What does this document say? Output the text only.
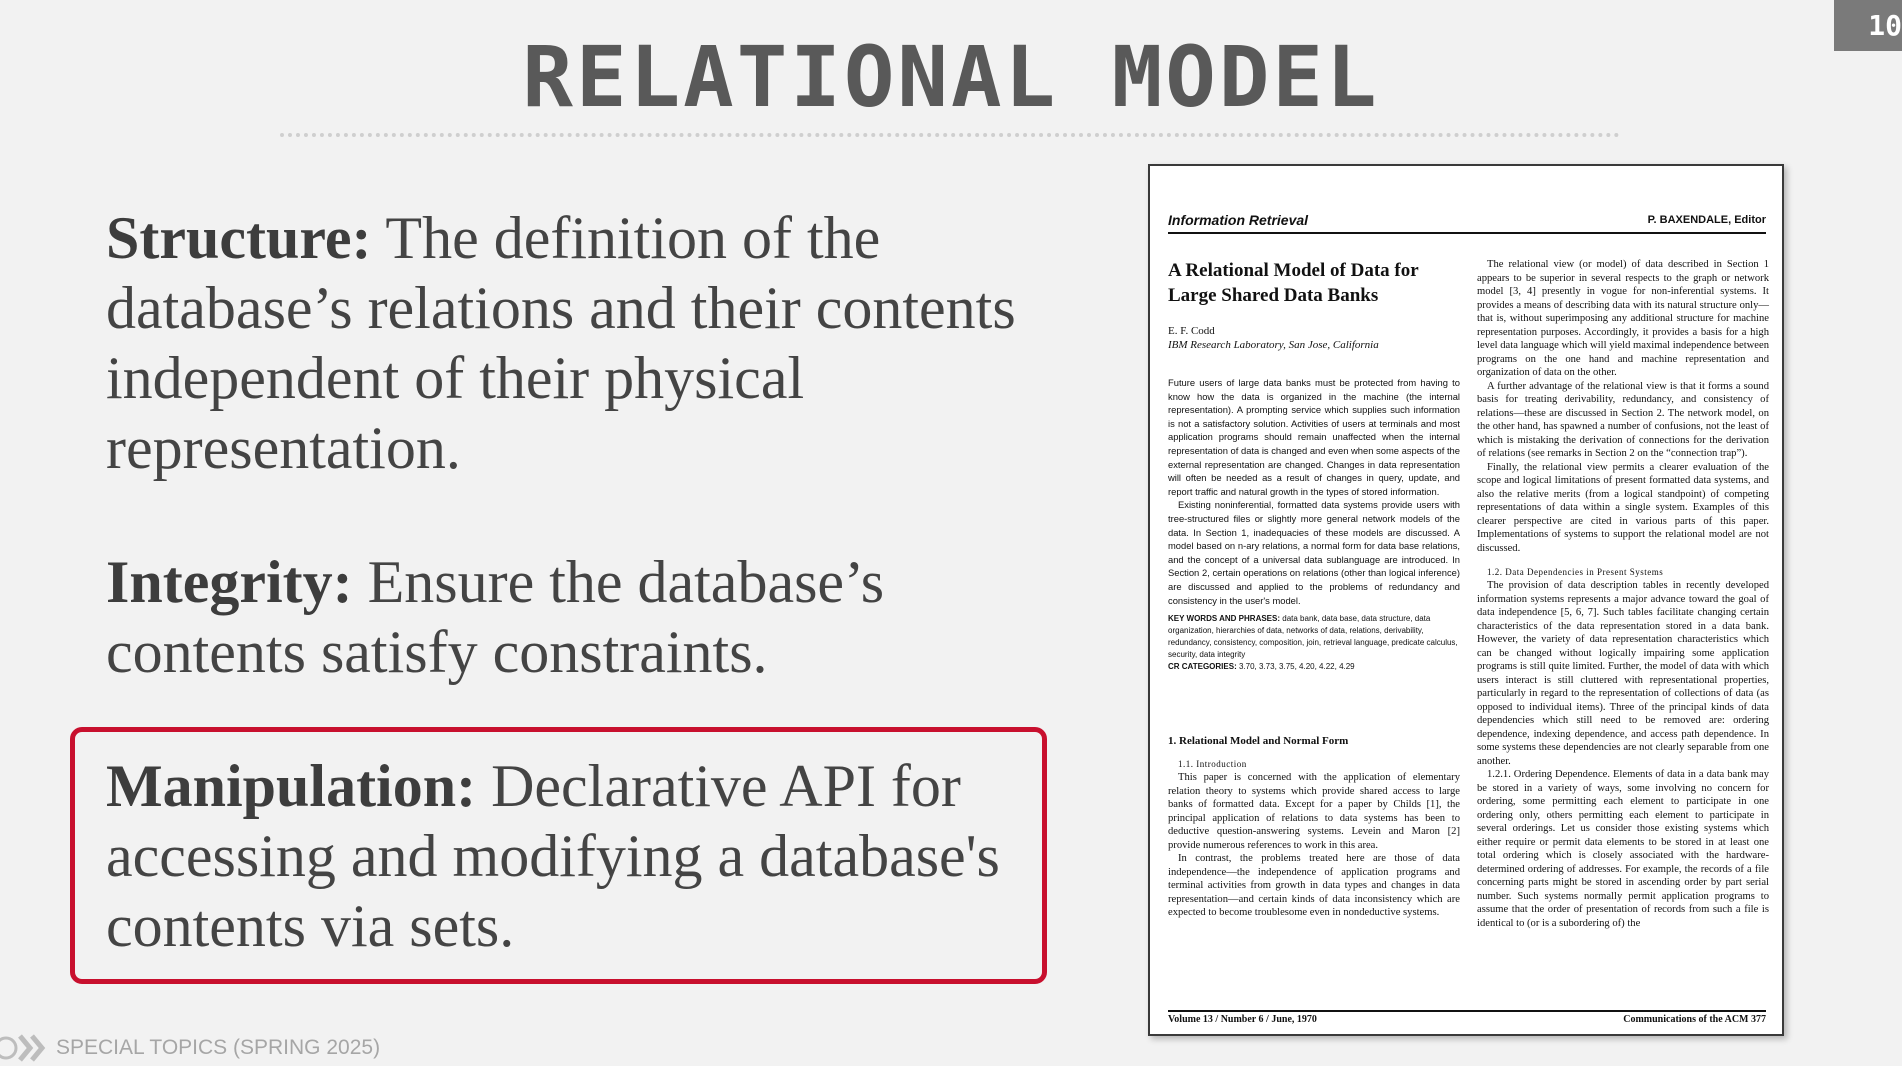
RELATIONAL MODEL
10
Structure: The definition of the database’s relations and their contents independent of their physical representation.
Integrity: Ensure the database’s contents satisfy constraints.
Manipulation: Declarative API for accessing and modifying a database's contents via sets.
Information Retrieval	P. BAXENDALE, Editor
A Relational Model of Data for Large Shared Data Banks
E. F. Codd
IBM Research Laboratory, San Jose, California

Future users of large data banks must be protected from having to know how the data is organized in the machine (the internal representation). A prompting service which supplies such information is not a satisfactory solution. Activities of users at terminals and most application programs should remain unaffected when the internal representation of data is changed and even when some aspects of the external representation are changed. Changes in data representation will often be needed as a result of changes in query, update, and report traffic and natural growth in the types of stored information.

Existing noninferential, formatted data systems provide users with tree-structured files or slightly more general network models of the data. In Section 1, inadequacies of these models are discussed. A model based on n-ary relations, a normal form for data base relations, and the concept of a universal data sublanguage are introduced. In Section 2, certain operations on relations (other than logical inference) are discussed and applied to the problems of redundancy and consistency in the user's model.

KEY WORDS AND PHRASES: data bank, data base, data structure, data organization, hierarchies of data, networks of data, relations, derivability, redundancy, consistency, composition, join, retrieval language, predicate calculus, security, data integrity
CR CATEGORIES: 3.70, 3.73, 3.75, 4.20, 4.22, 4.29
1. Relational Model and Normal Form
1.1. Introduction

This paper is concerned with the application of elementary relation theory to systems which provide shared access to large banks of formatted data. Except for a paper by Childs [1], the principal application of relations to data systems has been to deductive question-answering systems. Levein and Maron [2] provide numerous references to work in this area.

In contrast, the problems treated here are those of data independence—the independence of application programs and terminal activities from growth in data types and changes in data representation—and certain kinds of data inconsistency which are expected to become troublesome even in nondeductive systems.

The relational view (or model) of data described in Section 1 appears to be superior in several respects to the graph or network model [3, 4] presently in vogue for non-inferential systems. It provides a means of describing data with its natural structure only—that is, without superimposing any additional structure for machine representation purposes. Accordingly, it provides a basis for a high level data language which will yield maximal independence between programs on the one hand and machine representation and organization of data on the other.

A further advantage of the relational view is that it forms a sound basis for treating derivability, redundancy, and consistency of relations—these are discussed in Section 2. The network model, on the other hand, has spawned a number of confusions, not the least of which is mistaking the derivation of connections for the derivation of relations (see remarks in Section 2 on the “connection trap”).

Finally, the relational view permits a clearer evaluation of the scope and logical limitations of present formatted data systems, and also the relative merits (from a logical standpoint) of competing representations of data within a single system. Examples of this clearer perspective are cited in various parts of this paper. Implementations of systems to support the relational model are not discussed.

1.2. Data Dependencies in Present Systems

The provision of data description tables in recently developed information systems represents a major advance toward the goal of data independence [5, 6, 7]. Such tables facilitate changing certain characteristics of the data representation stored in a data bank. However, the variety of data representation characteristics which can be changed without logically impairing some application programs is still quite limited. Further, the model of data with which users interact is still cluttered with representational properties, particularly in regard to the representation of collections of data (as opposed to individual items). Three of the principal kinds of data dependencies which still need to be removed are: ordering dependence, indexing dependence, and access path dependence. In some systems these dependencies are not clearly separable from one another.

1.2.1. Ordering Dependence. Elements of data in a data bank may be stored in a variety of ways, some involving no concern for ordering, some permitting each element to participate in one ordering only, others permitting each element to participate in several orderings. Let us consider those existing systems which either require or permit data elements to be stored in at least one total ordering which is closely associated with the hardware-determined ordering of addresses. For example, the records of a file concerning parts might be stored in ascending order by part serial number. Such systems normally permit application programs to assume that the order of presentation of records from such a file is identical to (or is a subordering of) the

Volume 13 / Number 6 / June, 1970	Communications of the ACM 377
SPECIAL TOPICS (SPRING 2025)
